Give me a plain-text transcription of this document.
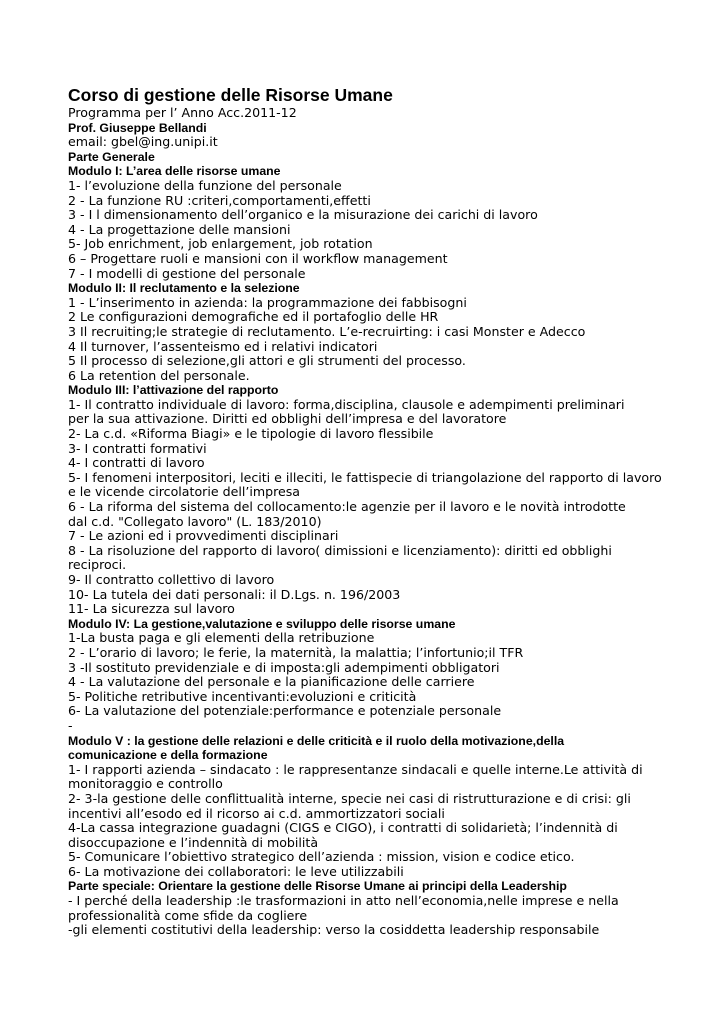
Corso di gestione delle Risorse Umane

Programma per l’ Anno Acc.2011-12

Prof. Giuseppe Bellandi

email: gbel@ing.unipi.it

Parte Generale

Modulo I: L’area delle risorse umane

1- l’evoluzione della funzione del personale

2 - La funzione RU :criteri,comportamenti,effetti

3 - I l dimensionamento dell’organico e la misurazione dei carichi di lavoro

4 - La progettazione delle mansioni

5- Job enrichment, job enlargement, job rotation

6 – Progettare ruoli e mansioni con il workflow management

7 - I modelli di gestione del personale

Modulo II: Il reclutamento e la selezione

1 - L’inserimento in azienda: la programmazione dei fabbisogni

2 Le configurazioni demografiche ed il portafoglio delle HR

3 Il recruiting;le strategie di reclutamento. L’e-recruirting: i casi Monster e Adecco

4 Il turnover, l’assenteismo ed i relativi indicatori

5 Il processo di selezione,gli attori e gli strumenti del processo.

6 La retention del personale.

Modulo III: l’attivazione del rapporto

1- Il contratto individuale di lavoro: forma,disciplina, clausole e adempimenti preliminari

per la sua attivazione. Diritti ed obblighi dell’impresa e del lavoratore

2- La c.d. «Riforma Biagi» e le tipologie di lavoro flessibile

3- I contratti formativi

4- I contratti di lavoro

5- I fenomeni interpositori, leciti e illeciti, le fattispecie di triangolazione del rapporto di lavoro

e le vicende circolatorie dell’impresa

6 - La riforma del sistema del collocamento:le agenzie per il lavoro e le novità introdotte

dal c.d. "Collegato lavoro" (L. 183/2010)

7 - Le azioni ed i provvedimenti disciplinari

8 - La risoluzione del rapporto di lavoro( dimissioni e licenziamento): diritti ed obblighi

reciproci.

9- Il contratto collettivo di lavoro

10- La tutela dei dati personali: il D.Lgs. n. 196/2003

11- La sicurezza sul lavoro

Modulo IV: La gestione,valutazione e sviluppo delle risorse umane

1-La busta paga e gli elementi della retribuzione

2 - L’orario di lavoro; le ferie, la maternità, la malattia; l’infortunio;il TFR

3 -Il sostituto previdenziale e di imposta:gli adempimenti obbligatori

4 - La valutazione del personale e la pianificazione delle carriere

5- Politiche retributive incentivanti:evoluzioni e criticità

6- La valutazione del potenziale:performance e potenziale personale

-

Modulo V : la gestione delle relazioni e delle criticità e il ruolo della motivazione,della

comunicazione e della formazione

1- I rapporti azienda – sindacato : le rappresentanze sindacali e quelle interne.Le attività di

monitoraggio e controllo

2- 3-la gestione delle conflittualità interne, specie nei casi di ristrutturazione e di crisi: gli

incentivi all’esodo ed il ricorso ai c.d. ammortizzatori sociali

4-La cassa integrazione guadagni (CIGS e CIGO), i contratti di solidarietà; l’indennità di

disoccupazione e l’indennità di mobilità

5- Comunicare l’obiettivo strategico dell’azienda : mission, vision e codice etico.

6- La motivazione dei collaboratori: le leve utilizzabili

Parte speciale: Orientare la gestione delle Risorse Umane ai principi della Leadership

- I perché della leadership :le trasformazioni in atto nell’economia,nelle imprese e nella

professionalità come sfide da cogliere

-gli elementi costitutivi della leadership: verso la cosiddetta leadership responsabile
